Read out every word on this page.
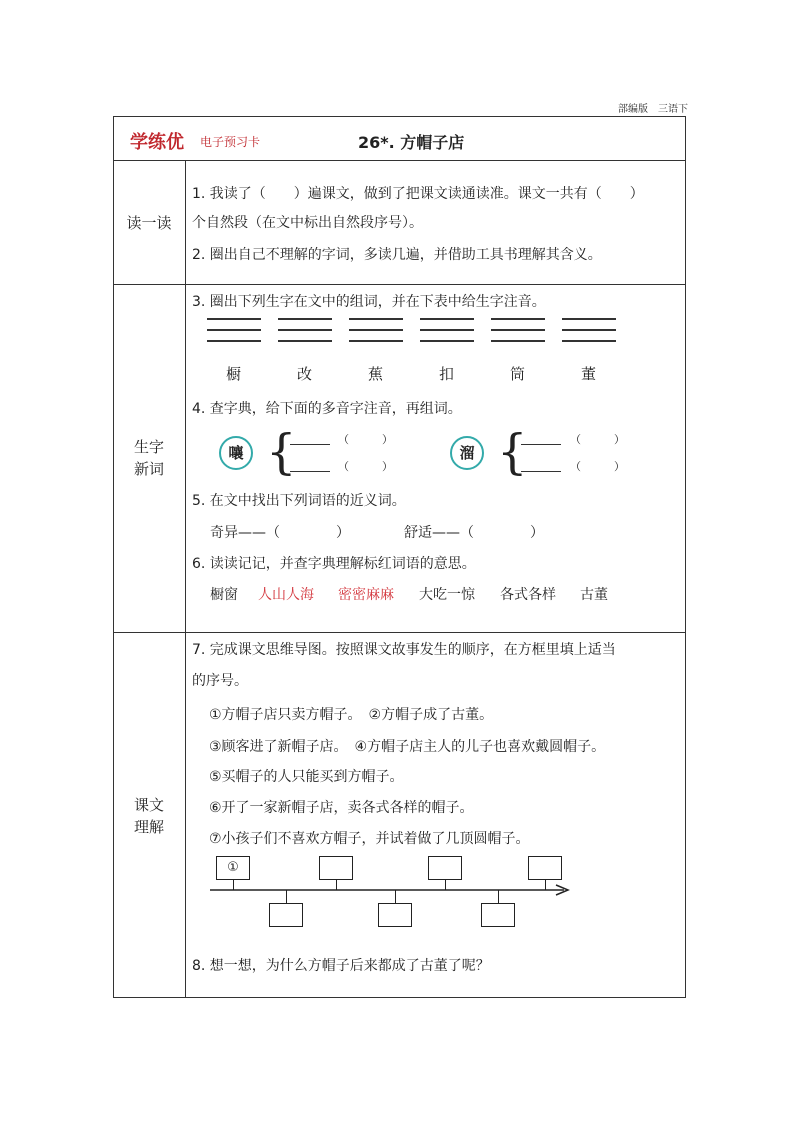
部编版　三语下
学练优 电子预习卡	26*. 方帽子店
读一读
生字
新词
课文
理解
1. 我读了（　　）遍课文，做到了把课文读通读准。课文一共有（　　）
个自然段（在文中标出自然段序号）。
2. 圈出自己不理解的字词，多读几遍，并借助工具书理解其含义。
3. 圈出下列生字在文中的组词，并在下表中给生字注音。
橱	改	蕉	扣	筒	董
4. 查字典，给下面的多音字注音，再组词。
嚷 {	（　　　）
（　　　）
溜 {	（　　　）
（　　　）
5. 在文中找出下列词语的近义词。
奇异——（　　　　）	舒适——（　　　　）
6. 读读记记，并查字典理解标红词语的意思。
橱窗 人山人海 密密麻麻 大吃一惊 各式各样 古董
7. 完成课文思维导图。按照课文故事发生的顺序，在方框里填上适当
的序号。
①方帽子店只卖方帽子。　②方帽子成了古董。
③顾客进了新帽子店。　④方帽子店主人的儿子也喜欢戴圆帽子。
⑤买帽子的人只能买到方帽子。
⑥开了一家新帽子店，卖各式各样的帽子。
⑦小孩子们不喜欢方帽子，并试着做了几顶圆帽子。
①
8. 想一想，为什么方帽子后来都成了古董了呢？
